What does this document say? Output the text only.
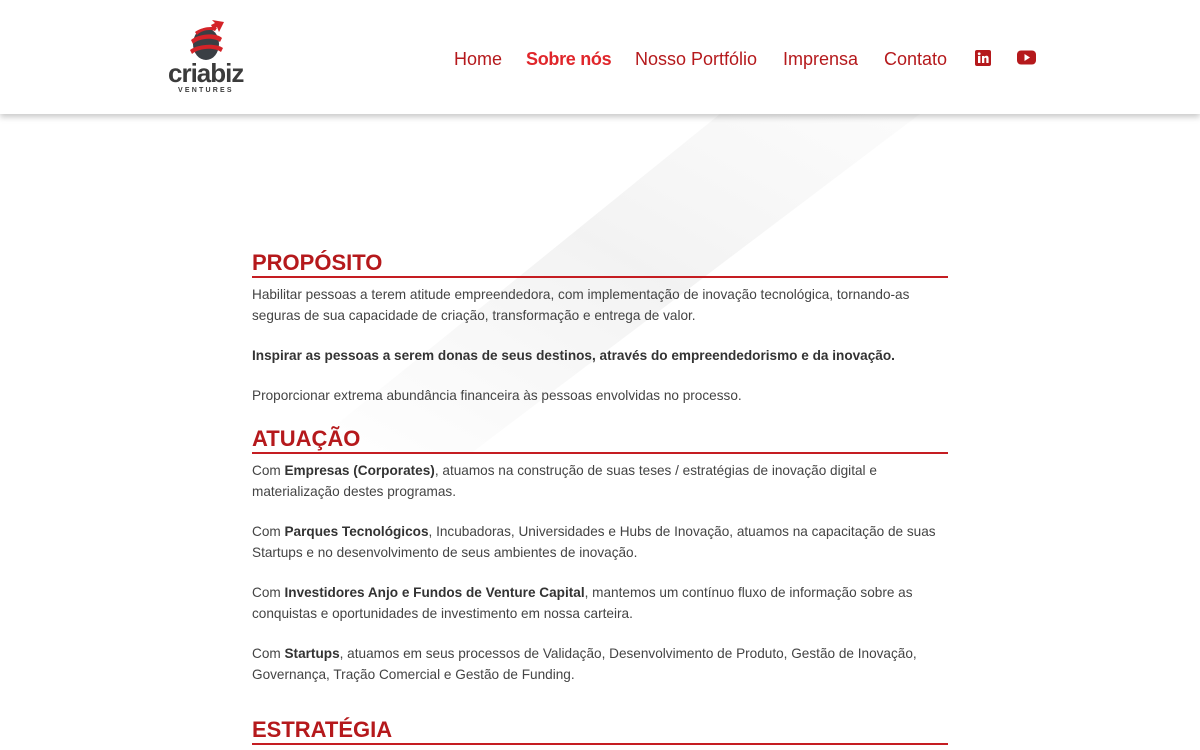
criabiz
VENTURES
Home Sobre nós Nosso Portfólio Imprensa Contato
PROPÓSITO

Habilitar pessoas a terem atitude empreendedora, com implementação de inovação tecnológica, tornando-as seguras de sua capacidade de criação, transformação e entrega de valor.

Inspirar as pessoas a serem donas de seus destinos, através do empreendedorismo e da inovação.

Proporcionar extrema abundância financeira às pessoas envolvidas no processo.

ATUAÇÃO

Com Empresas (Corporates), atuamos na construção de suas teses / estratégias de inovação digital e materialização destes programas.

Com Parques Tecnológicos, Incubadoras, Universidades e Hubs de Inovação, atuamos na capacitação de suas Startups e no desenvolvimento de seus ambientes de inovação.

Com Investidores Anjo e Fundos de Venture Capital, mantemos um contínuo fluxo de informação sobre as conquistas e oportunidades de investimento em nossa carteira.

Com Startups, atuamos em seus processos de Validação, Desenvolvimento de Produto, Gestão de Inovação, Governança, Tração Comercial e Gestão de Funding.

ESTRATÉGIA
